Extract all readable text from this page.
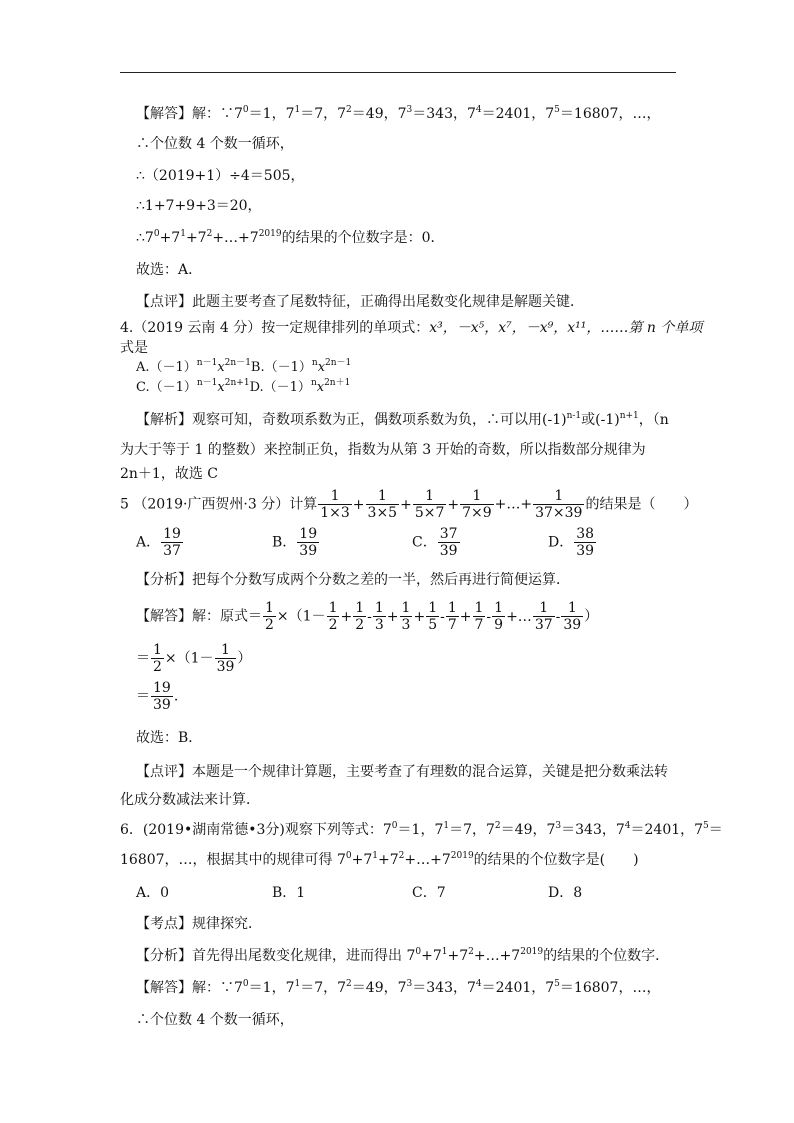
【解答】解：$\because 7^0=1$，$7^1=7$，$7^2=49$，$7^3=343$，$7^4=2401$，$7^5=16807$，…，
∴个位数 4 个数一循环，
∴（2019+1）÷4＝505，
∴1+7+9+3＝20，
$\therefore 7^0+7^1+7^2+\dots+7^{2019}$的结果的个位数字是：0．
故选：A．
【点评】此题主要考查了尾数特征，正确得出尾数变化规律是解题关键．
4.（2019 云南 4 分）按一定规律排列的单项式：x³，－x⁵，x⁷，－x⁹，x¹¹，……第 n 个单项
式是
$A.(-1)^{n-1}x^{2n-1}B.(-1)^nx^{2n-1}$
$C.(-1)^{n-1}x^{2n+1}D.(-1)^nx^{2n+1}$
【解析】观察可知，奇数项系数为正，偶数项系数为负，∴可以用$(-1)^{n-1}$或$(-1)^{n+1}$，（n
为大于等于 1 的整数）来控制正负，指数为从第 3 开始的奇数，所以指数部分规律为
2n＋1，故选 C
5 （2019·广西贺州·3 分）计算 $\frac{1}{1\times 3} + \frac{1}{3\times 5} + \frac{1}{5\times 7} + \frac{1}{7\times 9}$ +…+ $\frac{1}{37\times 39}$ 的结果是（　　）
A． $\frac{19}{37}$	B． $\frac{19}{39}$	C． $\frac{37}{39}$	D． $\frac{38}{39}$
【分析】把每个分数写成两个分数之差的一半，然后再进行简便运算．
【解答】解：原式＝ $\frac{1}{2} \times(1- \frac{1}{2} + \frac{1}{2} - \frac{1}{3} + \frac{1}{3} + \frac{1}{5} - \frac{1}{7} + \frac{1}{7} - \frac{1}{9}$ +… $\frac{1}{37} - \frac{1}{39}$ ）
＝ $\frac{1}{2} \times(1- \frac{1}{39}$ ）
＝ $\frac{19}{39}$ .
故选：B．
【点评】本题是一个规律计算题，主要考查了有理数的混合运算，关键是把分数乘法转
化成分数减法来计算．
6．(2019•湖南常德•3分)观察下列等式：$7^0=1$，$7^1=7$，$7^2=49$，$7^3=343$，$7^4=2401$，$7^5=$
16807，…，根据其中的规律可得 $7^0+7^1+7^2+\dots+7^{2019}$的结果的个位数字是(　　)
A．0	B．1	C．7	D．8
【考点】规律探究．
【分析】首先得出尾数变化规律，进而得出 $7^0+7^1+7^2+\dots+7^{2019}$的结果的个位数字．
【解答】解：$\because 7^0=1$，$7^1=7$，$7^2=49$，$7^3=343$，$7^4=2401$，$7^5=16807$，…，
∴个位数 4 个数一循环，
